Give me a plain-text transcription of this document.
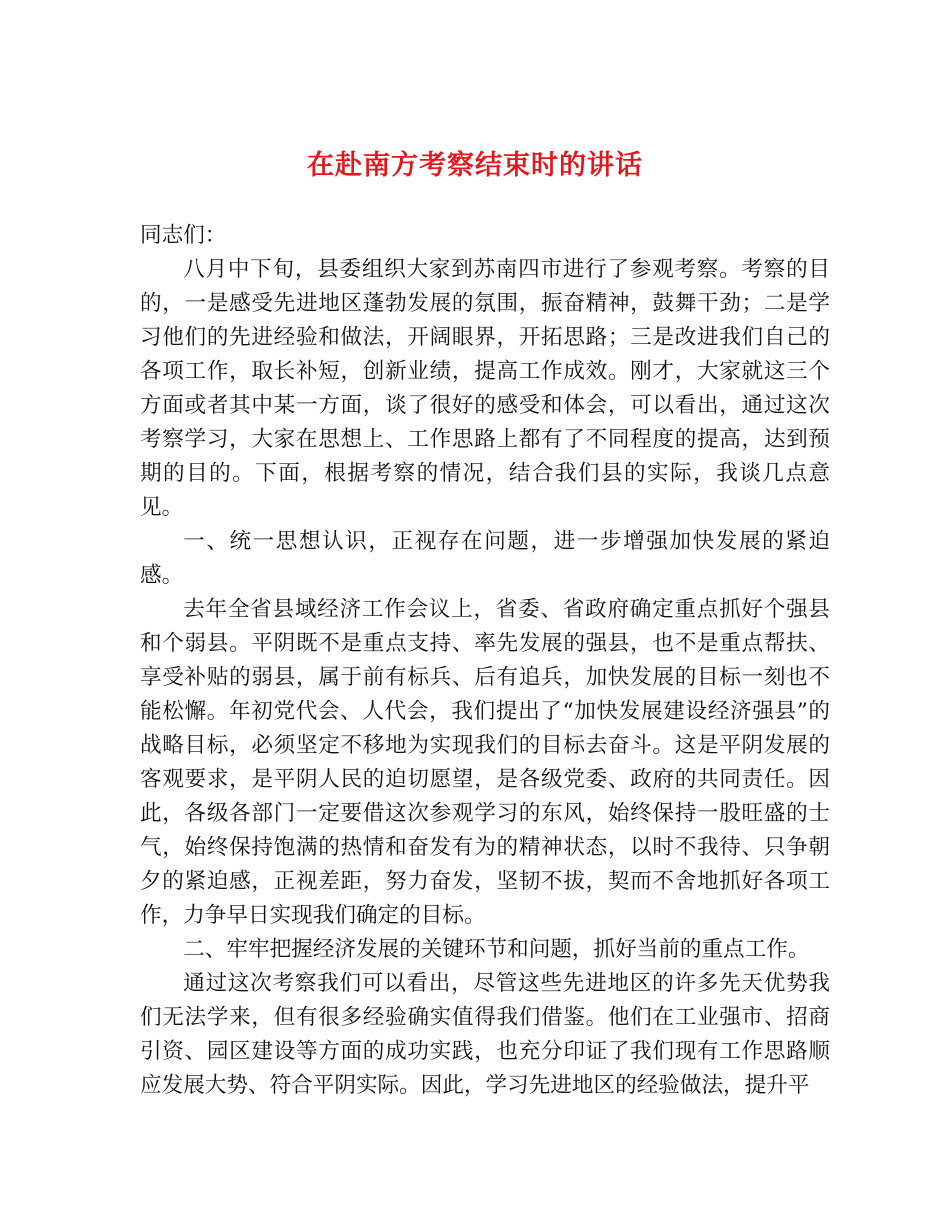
在赴南方考察结束时的讲话

同志们：

八月中下旬，县委组织大家到苏南四市进行了参观考察。考察的目的，一是感受先进地区蓬勃发展的氛围，振奋精神，鼓舞干劲；二是学习他们的先进经验和做法，开阔眼界，开拓思路；三是改进我们自己的各项工作，取长补短，创新业绩，提高工作成效。刚才，大家就这三个方面或者其中某一方面，谈了很好的感受和体会，可以看出，通过这次考察学习，大家在思想上、工作思路上都有了不同程度的提高，达到预期的目的。下面，根据考察的情况，结合我们县的实际，我谈几点意见。

一、统一思想认识，正视存在问题，进一步增强加快发展的紧迫感。

去年全省县域经济工作会议上，省委、省政府确定重点抓好个强县和个弱县。平阴既不是重点支持、率先发展的强县，也不是重点帮扶、享受补贴的弱县，属于前有标兵、后有追兵，加快发展的目标一刻也不能松懈。年初党代会、人代会，我们提出了“加快发展建设经济强县”的战略目标，必须坚定不移地为实现我们的目标去奋斗。这是平阴发展的客观要求，是平阴人民的迫切愿望，是各级党委、政府的共同责任。因此，各级各部门一定要借这次参观学习的东风，始终保持一股旺盛的士气，始终保持饱满的热情和奋发有为的精神状态，以时不我待、只争朝夕的紧迫感，正视差距，努力奋发，坚韧不拔，契而不舍地抓好各项工作，力争早日实现我们确定的目标。

二、牢牢把握经济发展的关键环节和问题，抓好当前的重点工作。

通过这次考察我们可以看出，尽管这些先进地区的许多先天优势我们无法学来，但有很多经验确实值得我们借鉴。他们在工业强市、招商引资、园区建设等方面的成功实践，也充分印证了我们现有工作思路顺应发展大势、符合平阴实际。因此，学习先进地区的经验做法，提升平
